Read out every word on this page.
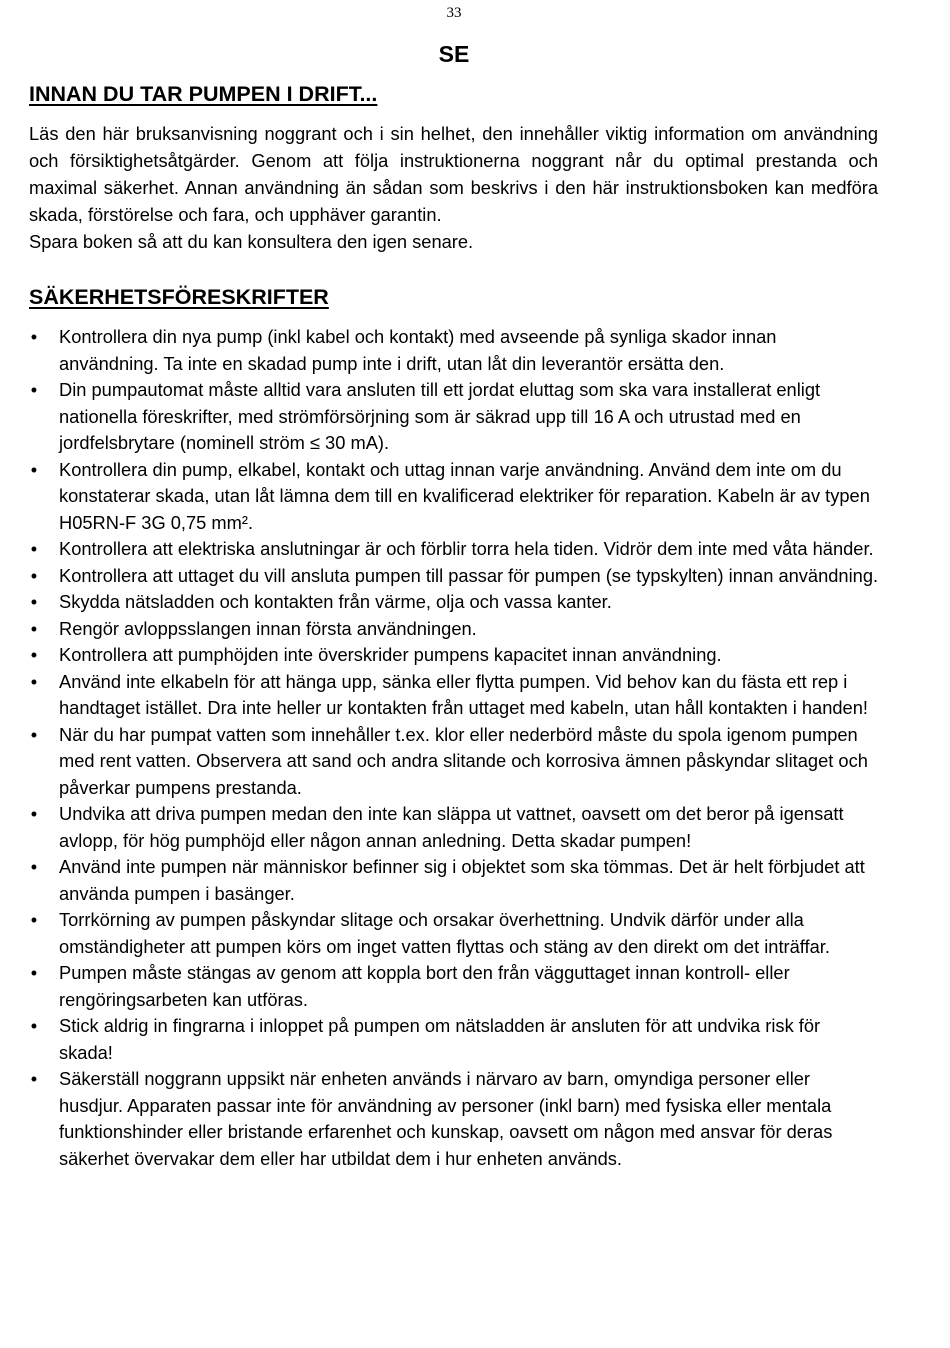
33
SE
INNAN DU TAR PUMPEN I DRIFT...

Läs den här bruksanvisning noggrant och i sin helhet, den innehåller viktig information om användning och försiktighetsåtgärder. Genom att följa instruktionerna noggrant når du optimal prestanda och maximal säkerhet. Annan användning än sådan som beskrivs i den här instruktionsboken kan medföra skada, förstörelse och fara, och upphäver garantin.

Spara boken så att du kan konsultera den igen senare.

SÄKERHETSFÖRESKRIFTER
• Kontrollera din nya pump (inkl kabel och kontakt) med avseende på synliga skador innan användning. Ta inte en skadad pump inte i drift, utan låt din leverantör ersätta den.
• Din pumpautomat måste alltid vara ansluten till ett jordat eluttag som ska vara installerat enligt nationella föreskrifter, med strömförsörjning som är säkrad upp till 16 A och utrustad med en jordfelsbrytare (nominell ström ≤ 30 mA).
• Kontrollera din pump, elkabel, kontakt och uttag innan varje användning. Använd dem inte om du konstaterar skada, utan låt lämna dem till en kvalificerad elektriker för reparation. Kabeln är av typen H05RN-F 3G 0,75 mm².
• Kontrollera att elektriska anslutningar är och förblir torra hela tiden. Vidrör dem inte med våta händer.
• Kontrollera att uttaget du vill ansluta pumpen till passar för pumpen (se typskylten) innan användning.
• Skydda nätsladden och kontakten från värme, olja och vassa kanter.
• Rengör avloppsslangen innan första användningen.
• Kontrollera att pumphöjden inte överskrider pumpens kapacitet innan användning.
• Använd inte elkabeln för att hänga upp, sänka eller flytta pumpen. Vid behov kan du fästa ett rep i handtaget istället. Dra inte heller ur kontakten från uttaget med kabeln, utan håll kontakten i handen!
• När du har pumpat vatten som innehåller t.ex. klor eller nederbörd måste du spola igenom pumpen med rent vatten. Observera att sand och andra slitande och korrosiva ämnen påskyndar slitaget och påverkar pumpens prestanda.
• Undvika att driva pumpen medan den inte kan släppa ut vattnet, oavsett om det beror på igensatt avlopp, för hög pumphöjd eller någon annan anledning. Detta skadar pumpen!
• Använd inte pumpen när människor befinner sig i objektet som ska tömmas. Det är helt förbjudet att använda pumpen i basänger.
• Torrkörning av pumpen påskyndar slitage och orsakar överhettning. Undvik därför under alla omständigheter att pumpen körs om inget vatten flyttas och stäng av den direkt om det inträffar.
• Pumpen måste stängas av genom att koppla bort den från vägguttaget innan kontroll- eller rengöringsarbeten kan utföras.
• Stick aldrig in fingrarna i inloppet på pumpen om nätsladden är ansluten för att undvika risk för skada!
• Säkerställ noggrann uppsikt när enheten används i närvaro av barn, omyndiga personer eller husdjur. Apparaten passar inte för användning av personer (inkl barn) med fysiska eller mentala funktionshinder eller bristande erfarenhet och kunskap, oavsett om någon med ansvar för deras säkerhet övervakar dem eller har utbildat dem i hur enheten används.
